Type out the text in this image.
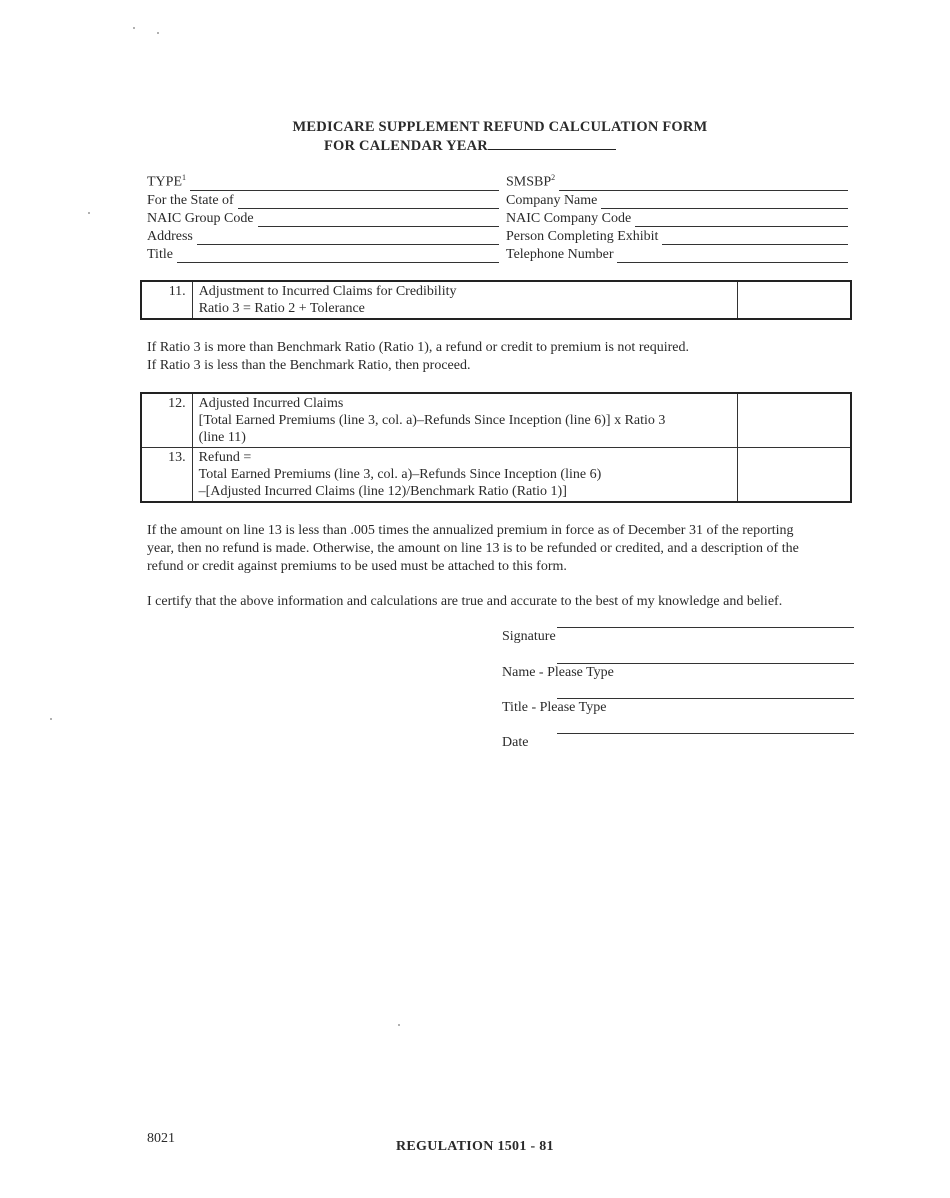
MEDICARE SUPPLEMENT REFUND CALCULATION FORM
FOR CALENDAR YEAR
TYPE$^1$
For the State of
NAIC Group Code
Address
Title
SMSBP$^2$
Company Name
NAIC Company Code
Person Completing Exhibit
Telephone Number
11.	Adjustment to Incurred Claims for Credibility
Ratio 3 = Ratio 2 + Tolerance

If Ratio 3 is more than Benchmark Ratio (Ratio 1), a refund or credit to premium is not required.
If Ratio 3 is less than the Benchmark Ratio, then proceed.
12.	Adjusted Incurred Claims
[Total Earned Premiums (line 3, col. a)–Refunds Since Inception (line 6)] x Ratio 3
(line 11)	

13.	Refund =
Total Earned Premiums (line 3, col. a)–Refunds Since Inception (line 6)
–[Adjusted Incurred Claims (line 12)/Benchmark Ratio (Ratio 1)]	

If the amount on line 13 is less than .005 times the annualized premium in force as of December 31 of the reporting
year, then no refund is made. Otherwise, the amount on line 13 is to be refunded or credited, and a description of the
refund or credit against premiums to be used must be attached to this form.
I certify that the above information and calculations are true and accurate to the best of my knowledge and belief.
Signature
Name - Please Type
Title - Please Type
Date
8021
REGULATION 1501 - 81
